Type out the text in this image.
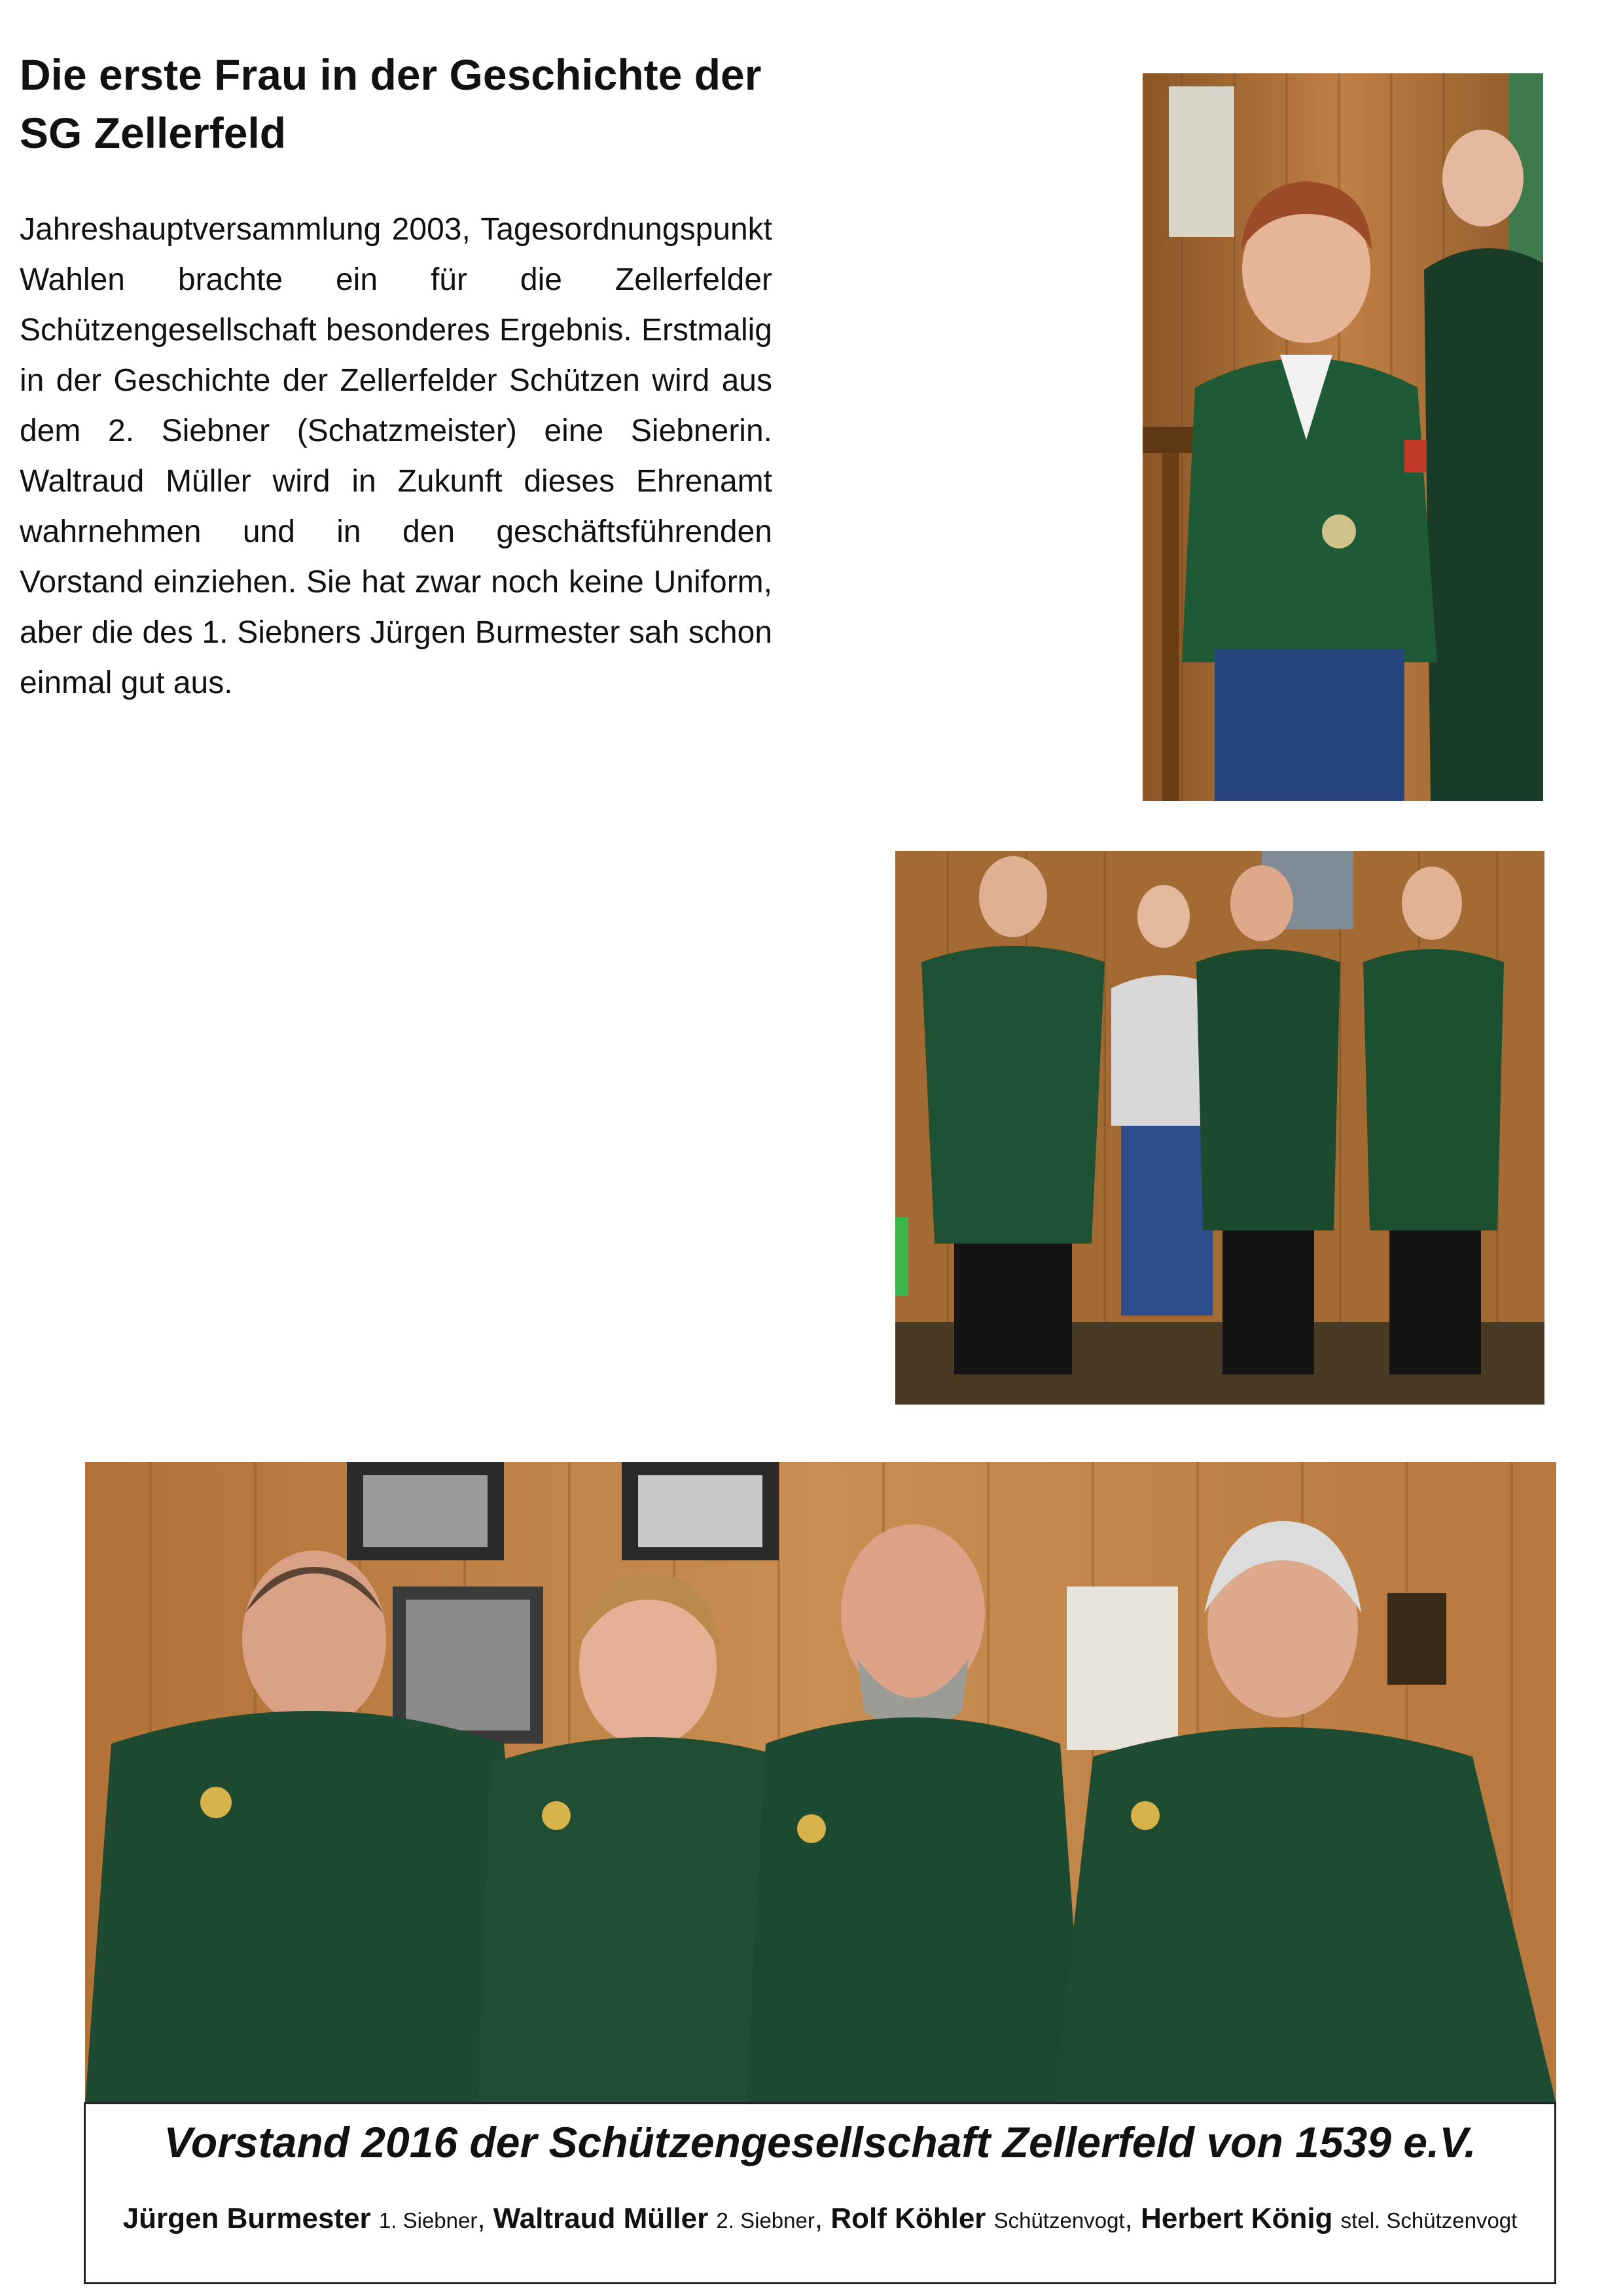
Die erste Frau in der Geschichte der SG Zellerfeld

Jahreshauptversammlung 2003, Tagesordnungspunkt Wahlen brachte ein für die Zellerfelder Schützengesellschaft besonderes Ergebnis. Erstmalig in der Geschichte der Zellerfelder Schützen wird aus dem 2. Siebner (Schatzmeister) eine Siebnerin. Waltraud Müller wird in Zukunft dieses Ehrenamt wahrnehmen und in den geschäftsführenden Vorstand einziehen. Sie hat zwar noch keine Uniform, aber die des 1. Siebners Jürgen Burmester sah schon einmal gut aus.

Vorstand 2016 der Schützengesellschaft Zellerfeld von 1539 e.V.
Jürgen Burmester 1. Siebner, Waltraud Müller 2. Siebner, Rolf Köhler Schützenvogt, Herbert König stel. Schützenvogt
